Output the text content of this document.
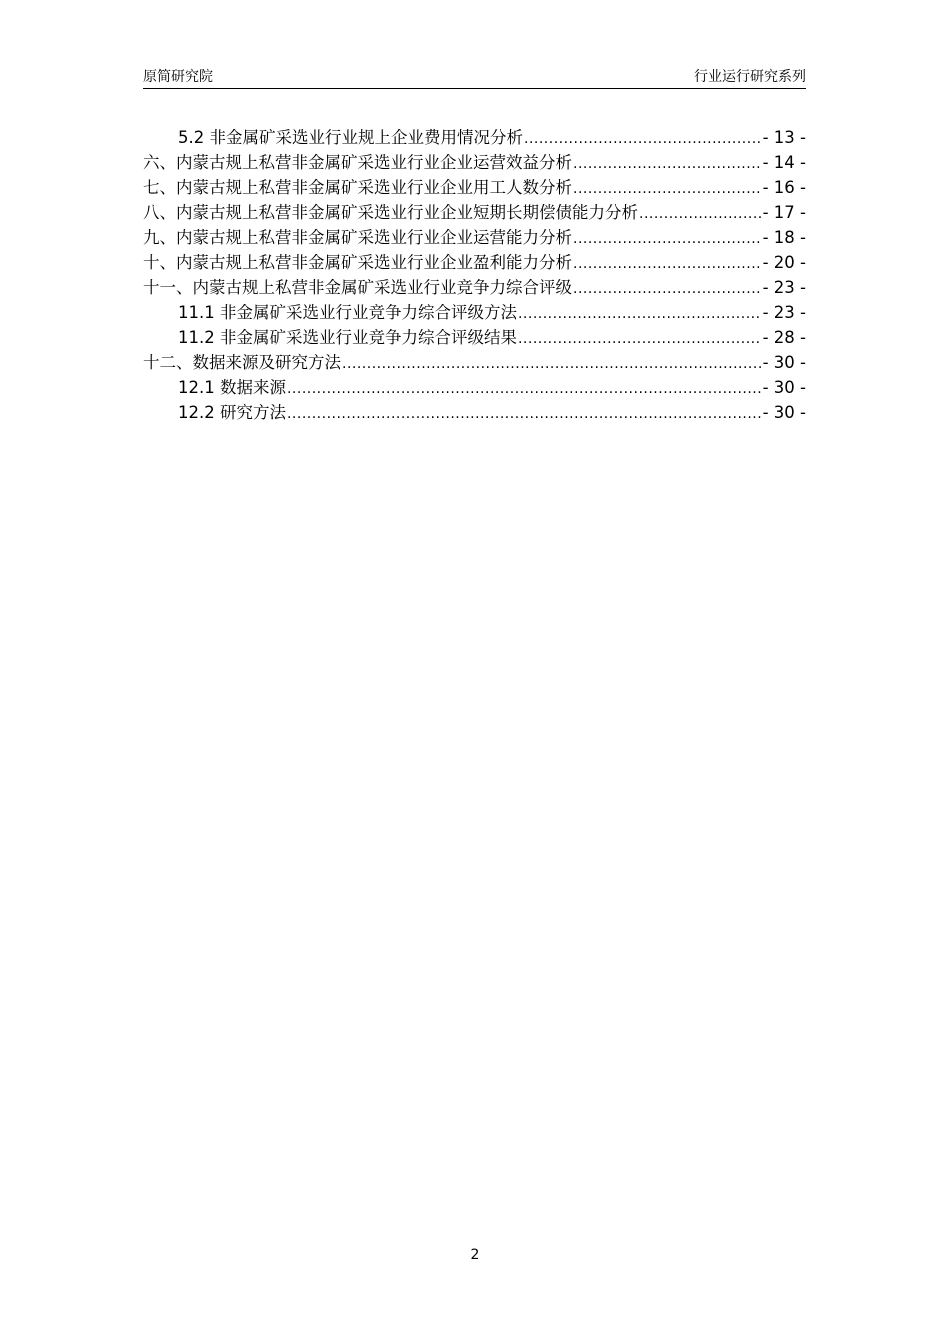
原简研究院	行业运行研究系列
5.2 非金属矿采选业行业规上企业费用情况分析 .....	- 13 -
六、内蒙古规上私营非金属矿采选业行业企业运营效益分析 .....	- 14 -
七、内蒙古规上私营非金属矿采选业行业企业用工人数分析 .....	- 16 -
八、内蒙古规上私营非金属矿采选业行业企业短期长期偿债能力分析 .....	- 17 -
九、内蒙古规上私营非金属矿采选业行业企业运营能力分析 .....	- 18 -
十、内蒙古规上私营非金属矿采选业行业企业盈利能力分析 .....	- 20 -
十一、内蒙古规上私营非金属矿采选业行业竞争力综合评级 .....	- 23 -
11.1 非金属矿采选业行业竞争力综合评级方法 .....	- 23 -
11.2 非金属矿采选业行业竞争力综合评级结果 .....	- 28 -
十二、数据来源及研究方法 .....	- 30 -
12.1 数据来源 .....	- 30 -
12.2 研究方法 .....	- 30 -
2
